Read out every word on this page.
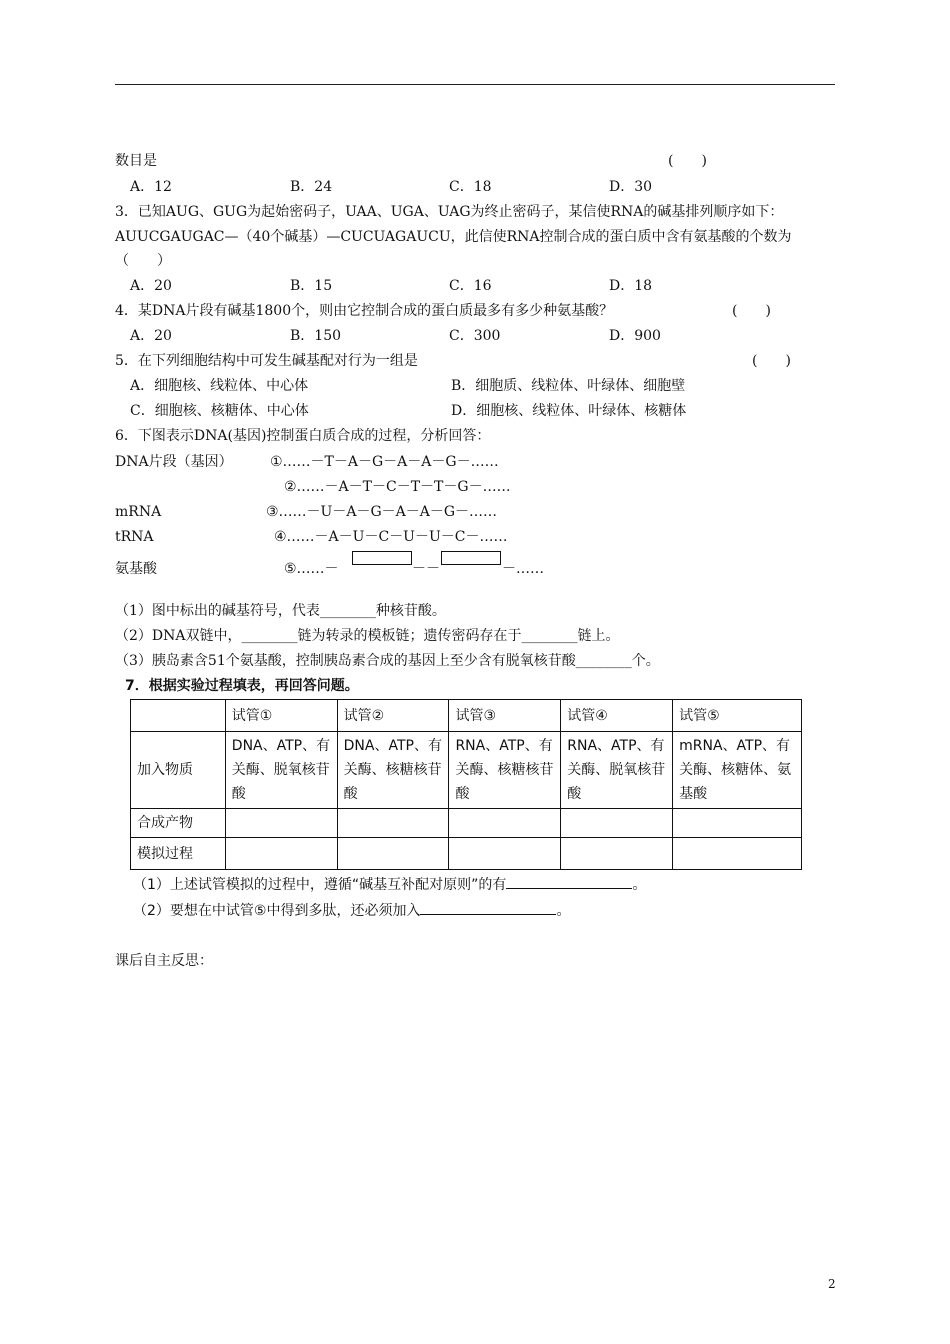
数目是	(　　)
A．12	B．24	C．18	D．30
3．已知AUG、GUG为起始密码子，UAA、UGA、UAG为终止密码子，某信使RNA的碱基排列顺序如下：
AUUCGAUGAC—（40个碱基）—CUCUAGAUCU，此信使RNA控制合成的蛋白质中含有氨基酸的个数为
（　　）
A．20	B．15	C．16	D．18
4．某DNA片段有碱基1800个，则由它控制合成的蛋白质最多有多少种氨基酸？	(　　)
A．20	B．150	C．300	D．900
5．在下列细胞结构中可发生碱基配对行为一组是	(　　)
A．细胞核、线粒体、中心体	B．细胞质、线粒体、叶绿体、细胞壁
C．细胞核、核糖体、中心体	D．细胞核、线粒体、叶绿体、核糖体
6．下图表示DNA(基因)控制蛋白质合成的过程，分析回答：
DNA片段（基因）	①……－T－A－G－A－A－G－……
②……－A－T－C－T－T－G－……
mRNA	③……－U－A－G－A－A－G－……
tRNA	④……－A－U－C－U－U－C－……
氨基酸	⑤……－	－－	－……
（1）图中标出的碱基符号，代表________种核苷酸。
（2）DNA双链中，________链为转录的模板链；遗传密码存在于________链上。
（3）胰岛素含51个氨基酸，控制胰岛素合成的基因上至少含有脱氧核苷酸________个。
7．根据实验过程填表，再回答问题。
	试管①	试管②	试管③	试管④	试管⑤
加入物质	DNA、ATP、有关酶、脱氧核苷酸	DNA、ATP、有关酶、核糖核苷酸	RNA、ATP、有关酶、核糖核苷酸	RNA、ATP、有关酶、脱氧核苷酸	mRNA、ATP、有关酶、核糖体、氨基酸
合成产物					
模拟过程					
（1）上述试管模拟的过程中，遵循“碱基互补配对原则”的有	。
（2）要想在中试管⑤中得到多肽，还必须加入	。
课后自主反思：
2
